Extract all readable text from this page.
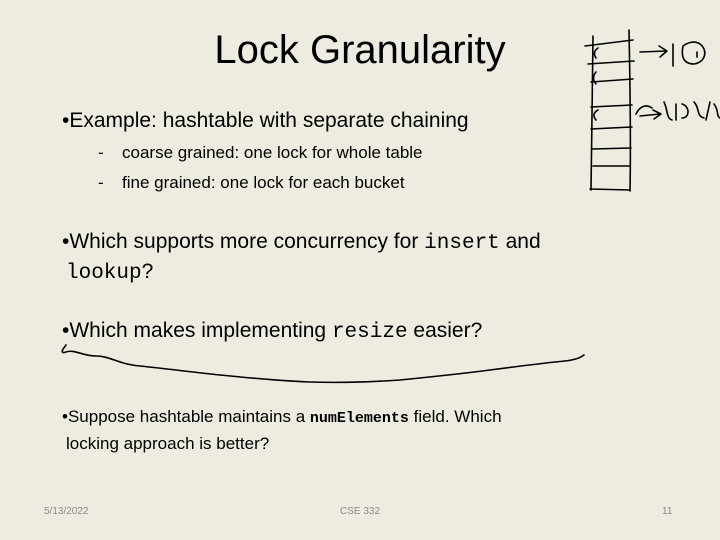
Lock Granularity
•Example: hashtable with separate chaining
- coarse grained: one lock for whole table
- fine grained: one lock for each bucket
•Which supports more concurrency for insert and
lookup?
•Which makes implementing resize easier?
•Suppose hashtable maintains a numElements field. Which
locking approach is better?
5/13/2022	CSE 332	11
